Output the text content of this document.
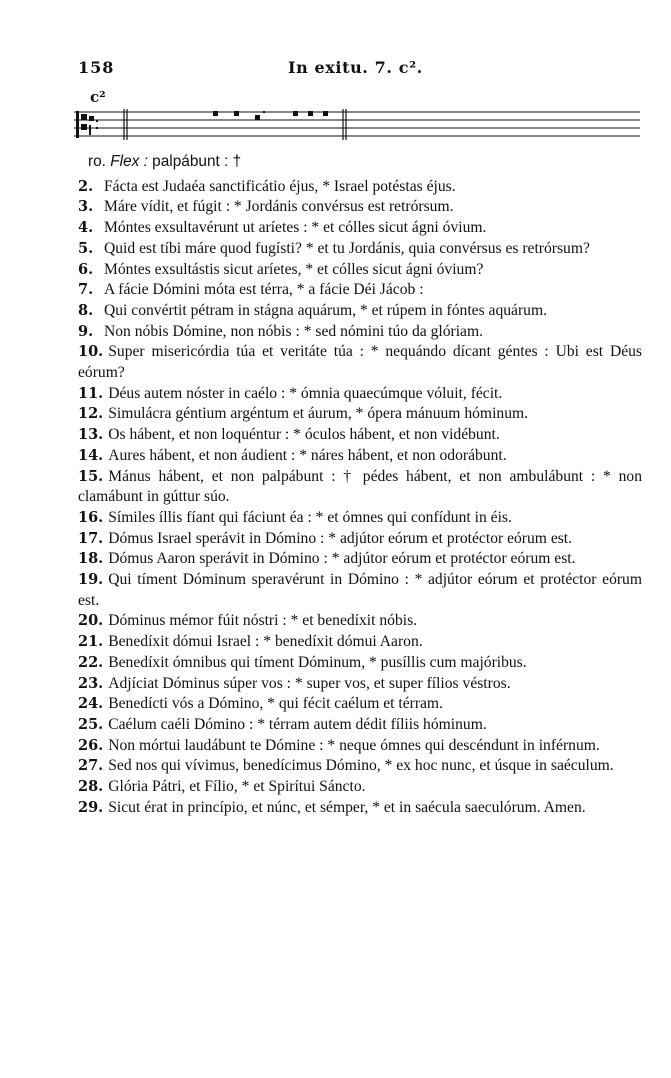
158	In exitu. 7. c².
c²
ro. Flex : palpábunt : †
2. Fácta est Judaéa sanctificátio éjus, * Israel potéstas éjus.
3. Máre vídit, et fúgit : * Jordánis convérsus est retrórsum.
4. Móntes exsultavérunt ut aríetes : * et cólles sicut ágni óvium.
5. Quid est tíbi máre quod fugísti? * et tu Jordánis, quia convérsus es retrórsum?
6. Móntes exsultástis sicut aríetes, * et cólles sicut ágni óvium?
7. A fácie Dómini móta est térra, * a fácie Déi Jácob :
8. Qui convértit pétram in stágna aquárum, * et rúpem in fóntes aquárum.
9. Non nóbis Dómine, non nóbis : * sed nómini túo da glóriam.
10. Super misericórdia túa et veritáte túa : * nequándo dícant géntes : Ubi est Déus eórum?
11. Déus autem nóster in caélo : * ómnia quaecúmque vóluit, fécit.
12. Simulácra géntium argéntum et áurum, * ópera mánuum hóminum.
13. Os hábent, et non loquéntur : * óculos hábent, et non vidébunt.
14. Aures hábent, et non áudient : * náres hábent, et non odorábunt.
15. Mánus hábent, et non palpábunt : † pédes hábent, et non ambulábunt : * non clamábunt in gúttur súo.
16. Símiles íllis fíant qui fáciunt éa : * et ómnes qui confídunt in éis.
17. Dómus Israel sperávit in Dómino : * adjútor eórum et protéctor eórum est.
18. Dómus Aaron sperávit in Dómino : * adjútor eórum et protéctor eórum est.
19. Qui tíment Dóminum speravérunt in Dómino : * adjútor eórum et protéctor eórum est.
20. Dóminus mémor fúit nóstri : * et benedíxit nóbis.
21. Benedíxit dómui Israel : * benedíxit dómui Aaron.
22. Benedíxit ómnibus qui tíment Dóminum, * pusíllis cum majóribus.
23. Adjíciat Dóminus súper vos : * super vos, et super fílios véstros.
24. Benedícti vós a Dómino, * qui fécit caélum et térram.
25. Caélum caéli Dómino : * térram autem dédit fíliis hóminum.
26. Non mórtui laudábunt te Dómine : * neque ómnes qui descéndunt in inférnum.
27. Sed nos qui vívimus, benedícimus Dómino, * ex hoc nunc, et úsque in saéculum.
28. Glória Pátri, et Fílio, * et Spirítui Sáncto.
29. Sicut érat in princípio, et núnc, et sémper, * et in saécula saeculórum. Amen.
